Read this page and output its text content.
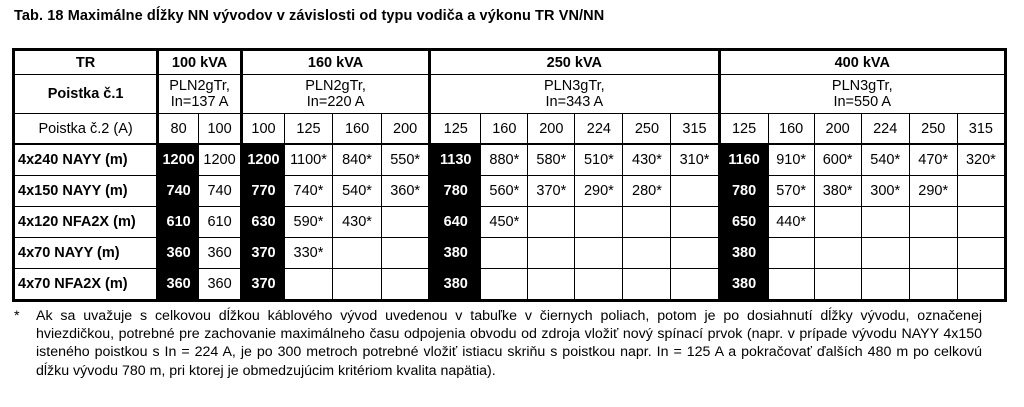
Tab. 18 Maximálne dĺžky NN vývodov v závislosti od typu vodiča a výkonu TR VN/NN
TR	100 kVA		160 kVA				250 kVA						400 kVA					
Poistka č.1	PLN2gTr,
In=137 A		PLN2gTr,
In=220 A				PLN3gTr,
In=343 A						PLN3gTr,
In=550 A					
Poistka č.2 (A)	80	100	100	125	160	200	125	160	200	224	250	315	125	160	200	224	250	315
4x240 NAYY (m)	1200	1200	1200	1100*	840*	550*	1130	880*	580*	510*	430*	310*	1160	910*	600*	540*	470*	320*
4x150 NAYY (m)	740	740	770	740*	540*	360*	780	560*	370*	290*	280*		780	570*	380*	300*	290*	
4x120 NFA2X (m)	610	610	630	590*	430*		640	450*					650	440*				
4x70 NAYY (m)	360	360	370	330*			380						380					
4x70 NFA2X (m)	360	360	370				380						380					
* Ak sa uvažuje s celkovou dĺžkou káblového vývod uvedenou v tabuľke v čiernych poliach, potom je po dosiahnutí dĺžky vývodu, označenej hviezdičkou, potrebné pre zachovanie maximálneho času odpojenia obvodu od zdroja vložiť nový spínací prvok (napr. v prípade vývodu NAYY 4x150 isteného poistkou s In = 224 A, je po 300 metroch potrebné vložiť istiacu skriňu s poistkou napr. In = 125 A a pokračovať ďalších 480 m po celkovú dĺžku vývodu 780 m, pri ktorej je obmedzujúcim kritériom kvalita napätia).
